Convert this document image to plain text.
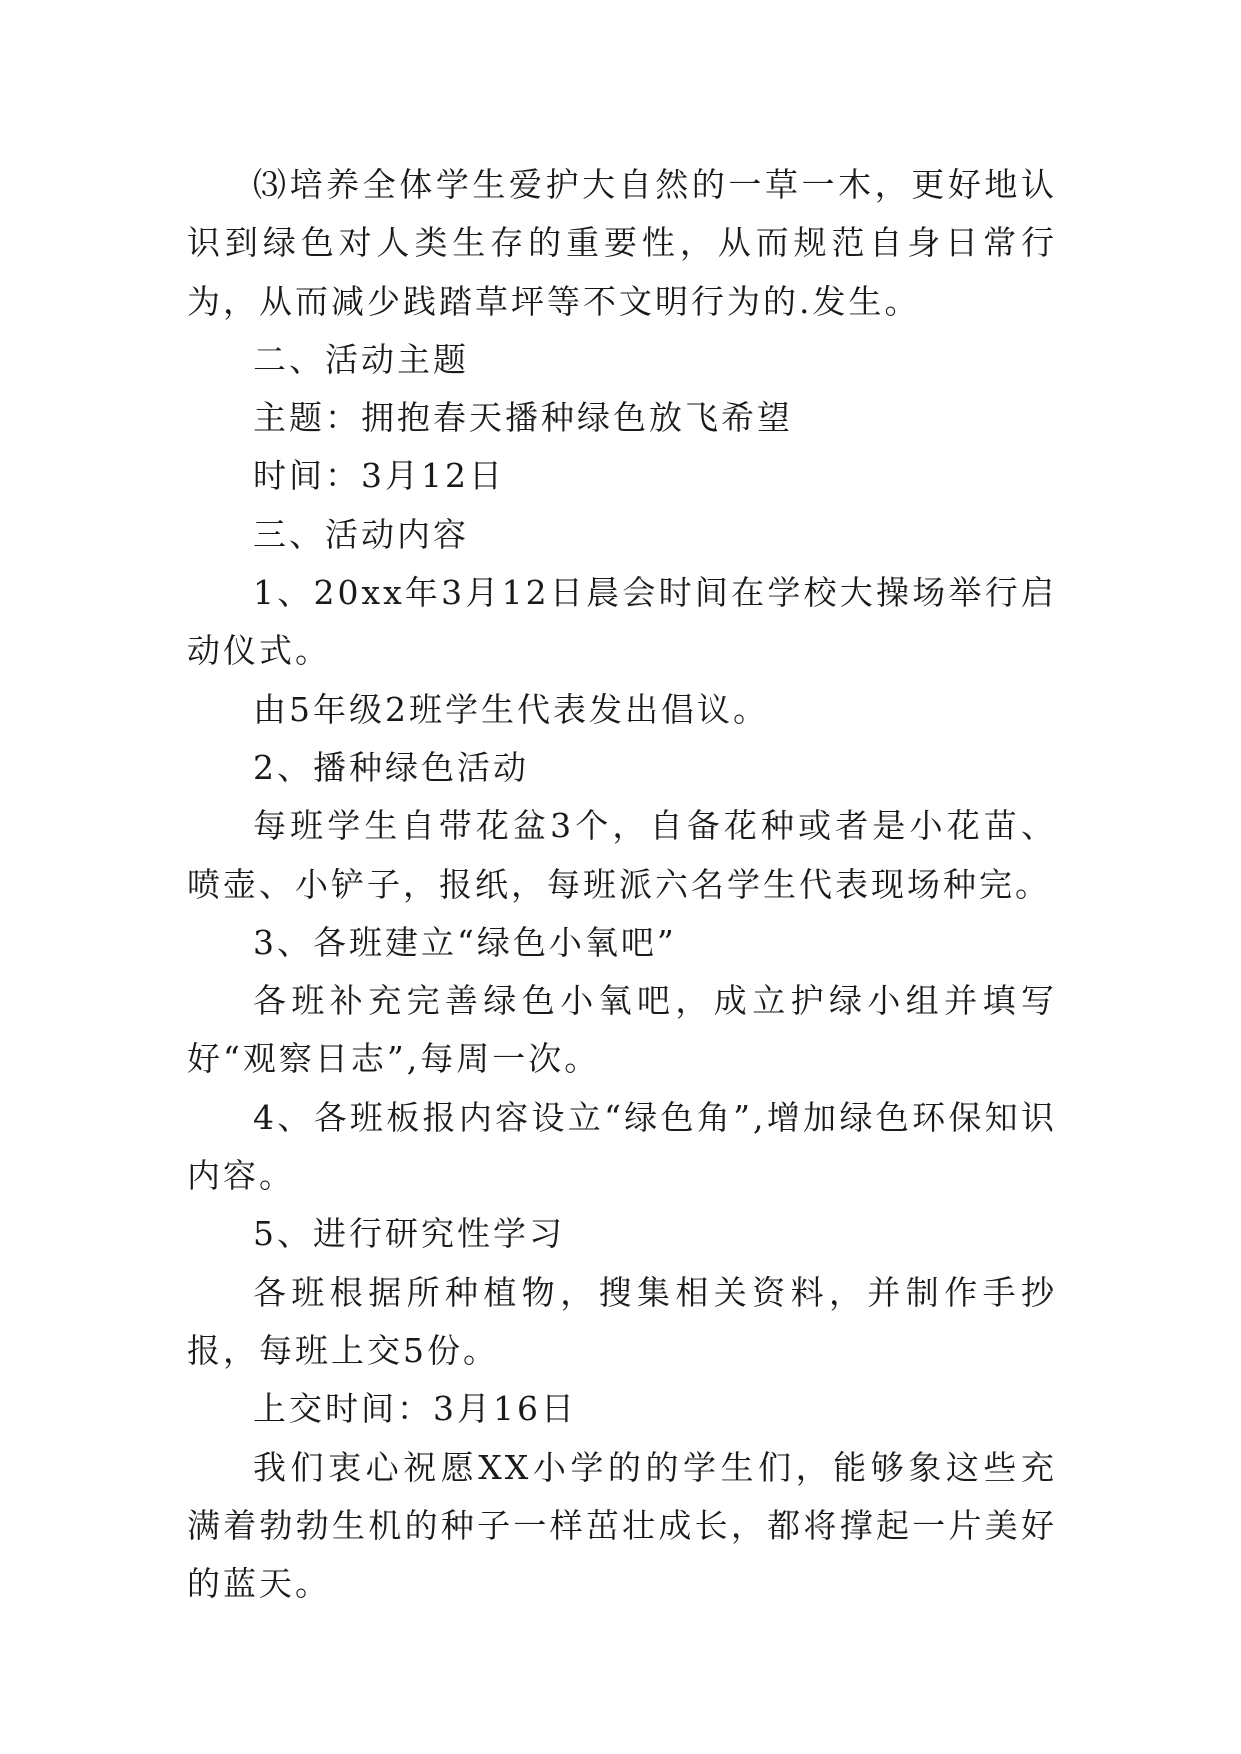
⑶培养全体学生爱护大自然的一草一木，更好地认识到绿色对人类生存的重要性，从而规范自身日常行为，从而减少践踏草坪等不文明行为的.发生。

二、活动主题

主题：拥抱春天播种绿色放飞希望

时间：3月12日

三、活动内容

1、20xx年3月12日晨会时间在学校大操场举行启动仪式。

由5年级2班学生代表发出倡议。

2、播种绿色活动

每班学生自带花盆3个，自备花种或者是小花苗、喷壶、小铲子，报纸，每班派六名学生代表现场种完。

3、各班建立“绿色小氧吧”

各班补充完善绿色小氧吧，成立护绿小组并填写好“观察日志”,每周一次。

4、各班板报内容设立“绿色角”,增加绿色环保知识内容。

5、进行研究性学习

各班根据所种植物，搜集相关资料，并制作手抄报，每班上交5份。

上交时间：3月16日

我们衷心祝愿XX小学的的学生们，能够象这些充满着勃勃生机的种子一样茁壮成长，都将撑起一片美好的蓝天。
